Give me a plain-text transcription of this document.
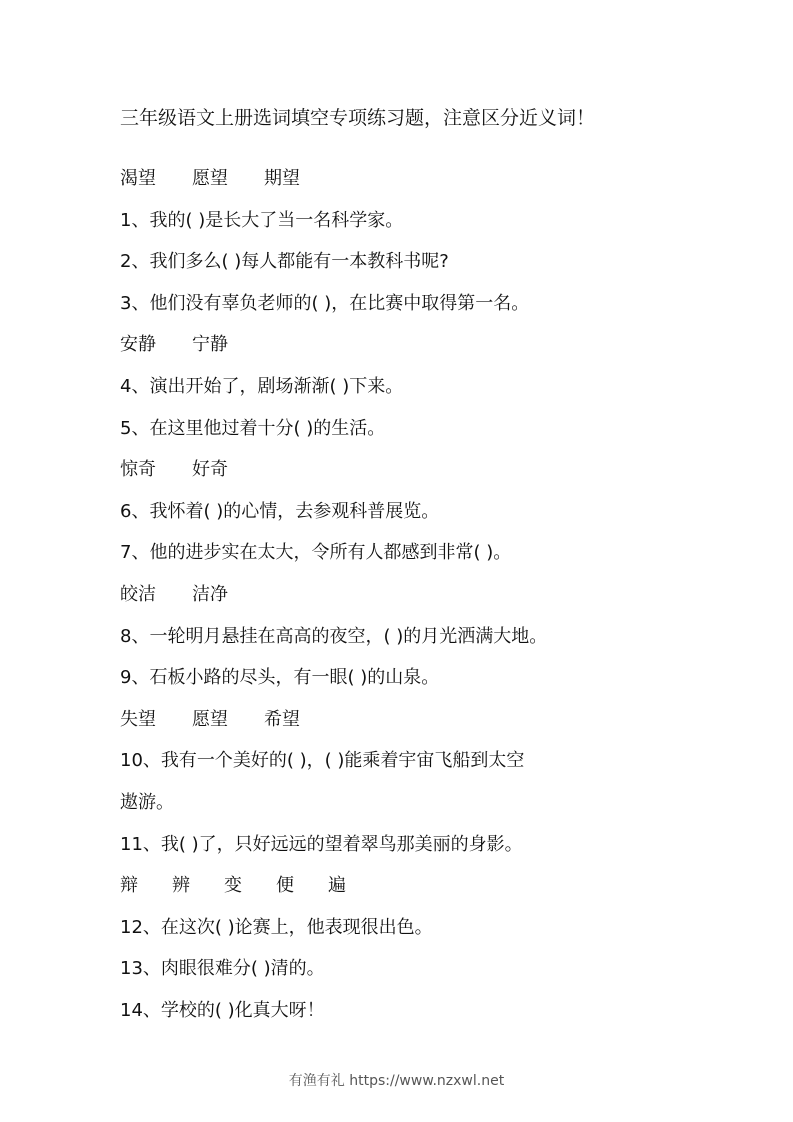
三年级语文上册选词填空专项练习题，注意区分近义词！
渴望 愿望 期望
1、我的( )是长大了当一名科学家。
2、我们多么( )每人都能有一本教科书呢?
3、他们没有辜负老师的( )，在比赛中取得第一名。
安静 宁静
4、演出开始了，剧场渐渐( )下来。
5、在这里他过着十分( )的生活。
惊奇 好奇
6、我怀着( )的心情，去参观科普展览。
7、他的进步实在太大，令所有人都感到非常( )。
皎洁 洁净
8、一轮明月悬挂在高高的夜空，( )的月光洒满大地。
9、石板小路的尽头，有一眼( )的山泉。
失望 愿望 希望
10、我有一个美好的( )，( )能乘着宇宙飞船到太空
遨游。
11、我( )了，只好远远的望着翠鸟那美丽的身影。
辩 辨 变 便 遍
12、在这次( )论赛上，他表现很出色。
13、肉眼很难分( )清的。
14、学校的( )化真大呀！
有渔有礼 https://www.nzxwl.net
